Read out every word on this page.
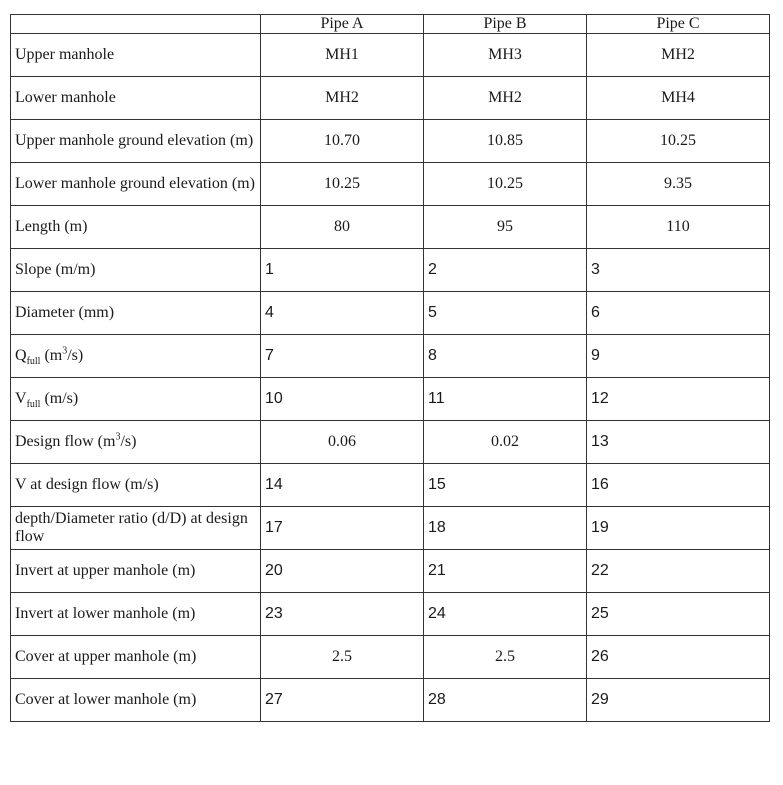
	Pipe A	Pipe B	Pipe C
Upper manhole	MH1	MH3	MH2
Lower manhole	MH2	MH2	MH4
Upper manhole ground elevation (m)	10.70	10.85	10.25
Lower manhole ground elevation (m)	10.25	10.25	9.35
Length (m)	80	95	110
Slope (m/m)	1	2	3
Diameter (mm)	4	5	6
$Q_{full}$ $(m^3/s)$	7	8	9
$V_{full}$ (m/s)	10	11	12
Design flow $(m^3/s)$	0.06	0.02	13
V at design flow (m/s)	14	15	16
depth/Diameter ratio (d/D) at design flow	17	18	19
Invert at upper manhole (m)	20	21	22
Invert at lower manhole (m)	23	24	25
Cover at upper manhole (m)	2.5	2.5	26
Cover at lower manhole (m)	27	28	29
